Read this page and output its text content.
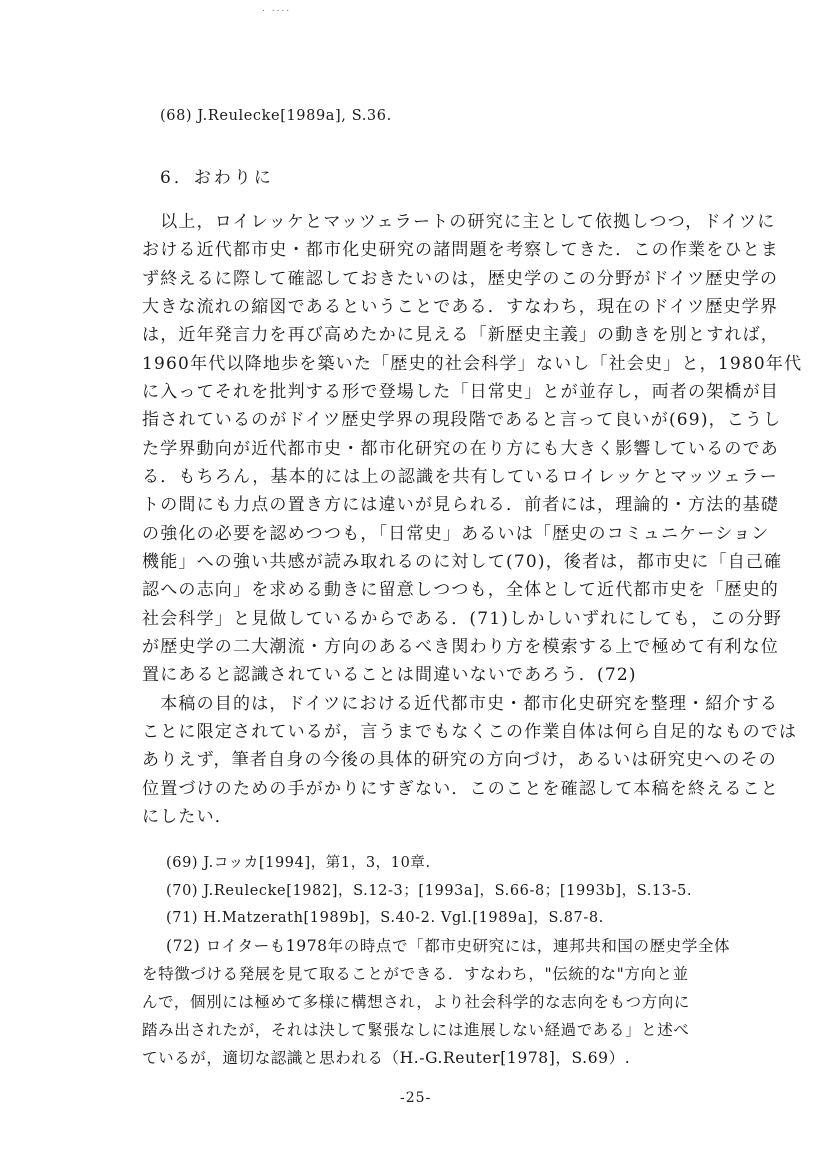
. ....
(68) J.Reulecke[1989a], S.36.
6．おわりに
　以上，ロイレッケとマッツェラートの研究に主として依拠しつつ，ドイツに
おける近代都市史・都市化史研究の諸問題を考察してきた．この作業をひとま
ず終えるに際して確認しておきたいのは，歴史学のこの分野がドイツ歴史学の
大きな流れの縮図であるということである．すなわち，現在のドイツ歴史学界
は，近年発言力を再び高めたかに見える「新歴史主義」の動きを別とすれば，
1960年代以降地歩を築いた「歴史的社会科学」ないし「社会史」と，1980年代
に入ってそれを批判する形で登場した「日常史」とが並存し，両者の架橋が目
指されているのがドイツ歴史学界の現段階であると言って良いが(69)，こうし
た学界動向が近代都市史・都市化研究の在り方にも大きく影響しているのであ
る．もちろん，基本的には上の認識を共有しているロイレッケとマッツェラー
トの間にも力点の置き方には違いが見られる．前者には，理論的・方法的基礎
の強化の必要を認めつつも，「日常史」あるいは「歴史のコミュニケーション
機能」への強い共感が読み取れるのに対して(70)，後者は，都市史に「自己確
認への志向」を求める動きに留意しつつも，全体として近代都市史を「歴史的
社会科学」と見做しているからである．(71)しかしいずれにしても，この分野
が歴史学の二大潮流・方向のあるべき関わり方を模索する上で極めて有利な位
置にあると認識されていることは間違いないであろう．(72)
　本稿の目的は，ドイツにおける近代都市史・都市化史研究を整理・紹介する
ことに限定されているが，言うまでもなくこの作業自体は何ら自足的なものでは
ありえず，筆者自身の今後の具体的研究の方向づけ，あるいは研究史へのその
位置づけのための手がかりにすぎない．このことを確認して本稿を終えること
にしたい．
(69) J.コッカ[1994]，第1，3，10章.
(70) J.Reulecke[1982]，S.12-3；[1993a]，S.66-8；[1993b]，S.13-5.
(71) H.Matzerath[1989b]，S.40-2. Vgl.[1989a]，S.87-8.
(72) ロイターも1978年の時点で「都市史研究には，連邦共和国の歴史学全体
を特徴づける発展を見て取ることができる．すなわち，"伝統的な"方向と並
んで，個別には極めて多様に構想され，より社会科学的な志向をもつ方向に
踏み出されたが，それは決して緊張なしには進展しない経過である」と述べ
ているが，適切な認識と思われる（H.-G.Reuter[1978]，S.69）.
-25-
